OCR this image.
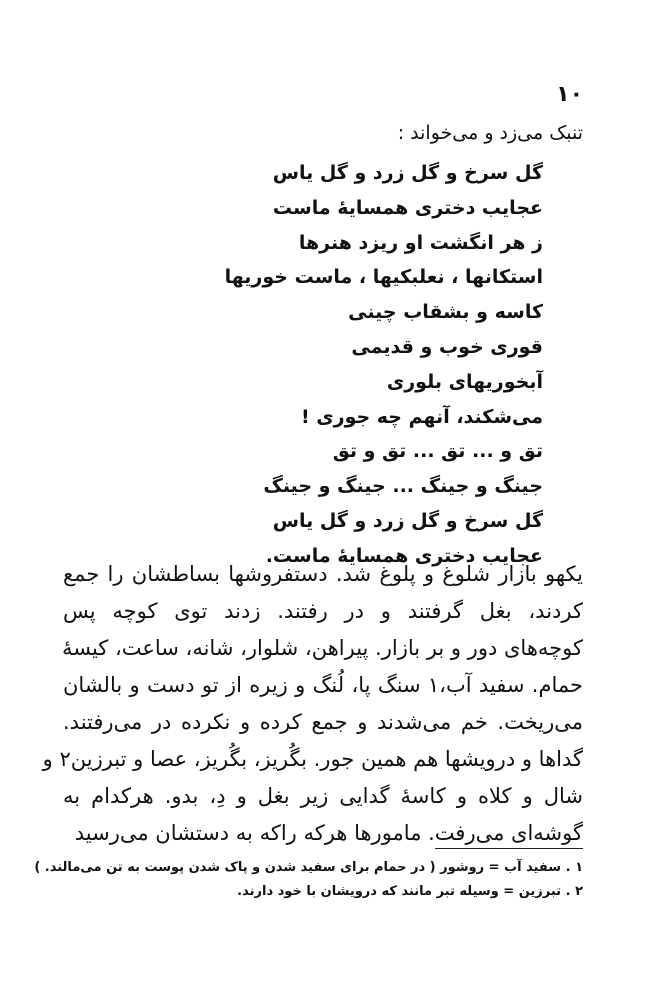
۱۰
تنبک می‌زد و می‌خواند :
گل سرخ و گل زرد و گل یاس
عجایب دختری همسایهٔ ماست
ز هر انگشت او ریزد هنرها
استکانها ، نعلبکیها ، ماست خوریها
کاسه و بشقاب چینی
قوری خوب و قدیمی
آبخوریهای بلوری
می‌شکند، آنهم چه جوری !
تق و ... تق ... تق و تق
جینگ و جینگ ... جینگ و جینگ
گل سرخ و گل زرد و گل یاس
عجایب دختری همسایهٔ ماست.
یکهو بازار شلوغ و پلوغ شد. دستفروشها بساطشان را جمع
کردند، بغل گرفتند و در رفتند. زدند توی کوچه پس
کوچه‌های دور و بر بازار. پیراهن، شلوار، شانه، ساعت، کیسهٔ
حمام. سفید آب،۱ سنگ پا، لُنگ و زیره از تو دست و بالشان
می‌ریخت. خم می‌شدند و جمع کرده و نکرده در می‌رفتند.
گداها و درویشها هم همین جور. بگُریز، بگُریز، عصا و تبرزین۲ و
شال و کلاه و کاسهٔ گدایی زیر بغل و دِ، بدو. هرکدام به
گوشه‌ای می‌رفت. مامورها هرکه راکه به دستشان می‌رسید
۱ . سفید آب = روشور ( در حمام برای سفید شدن و پاک شدن پوست به تن می‌مالند. )
۲ . تبرزین = وسیله تبر مانند که درویشان با خود دارند.
